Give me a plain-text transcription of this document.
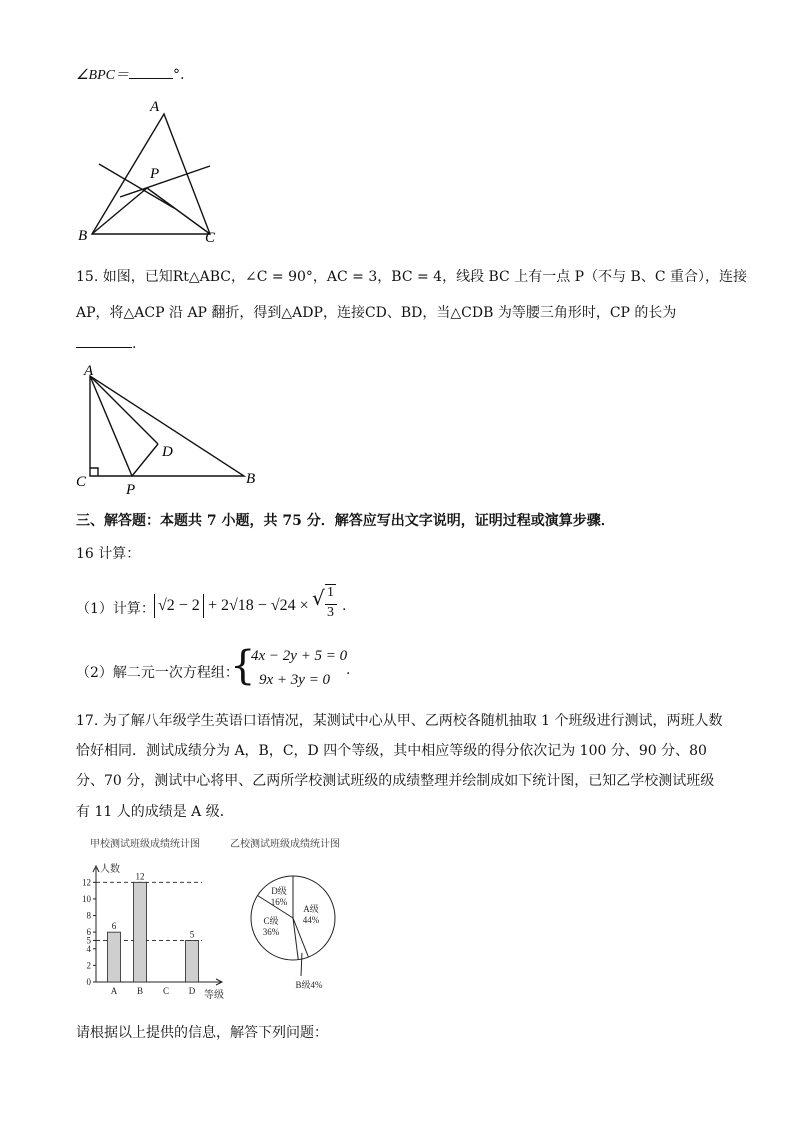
∠BPC＝	°.
A
P
B	C
15. 如图，已知Rt△ABC，∠C = 90°，AC = 3，BC = 4，线段 BC 上有一点 P（不与 B、C 重合），连接
AP，将△ACP 沿 AP 翻折，得到△ADP，连接CD、BD，当△CDB 为等腰三角形时，CP 的长为
.
A
D
C	P
B
三、解答题：本题共 7 小题，共 75 分．解答应写出文字说明，证明过程或演算步骤．
16 计算：
（1）计算： √2 − 2 + 2√18 − √24 × √ 1
3 .
（2）解二元一次方程组：
{
4x − 2y + 5 = 0
9x + 3y = 0
.
17. 为了解八年级学生英语口语情况，某测试中心从甲、乙两校各随机抽取 1 个班级进行测试，两班人数
恰好相同．测试成绩分为 A，B，C，D 四个等级，其中相应等级的得分依次记为 100 分、90 分、80
分、70 分，测试中心将甲、乙两所学校测试班级的成绩整理并绘制成如下统计图，已知乙学校测试班级
有 11 人的成绩是 A 级．
甲校测试班级成绩统计图	乙校测试班级成绩统计图
人数
等级
0
2
4
5
6
8
10
12
6
A
12
B C
5
D
A级
44%
C级
36%
D级
16%
B级4%
请根据以上提供的信息，解答下列问题：
